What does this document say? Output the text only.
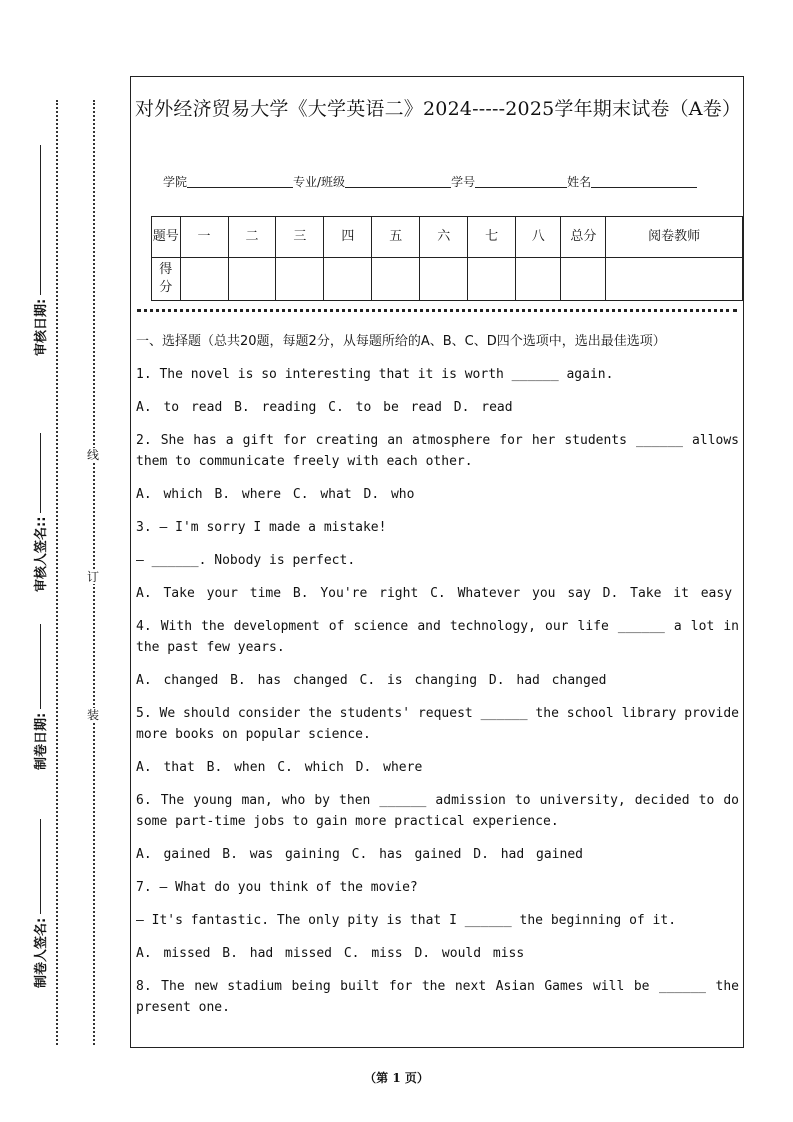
线
订
装
审核日期:
审核人签名::
制卷日期:
制卷人签名:
对外经济贸易大学《大学英语二》2024-----2025学年期末试卷（A卷）
学院	专业/班级	学号	姓名
题号	一	二	三	四	五	六	七	八	总分	阅卷教师
得分										

一、选择题（总共20题，每题2分，从每题所给的A、B、C、D四个选项中，选出最佳选项）

1. The novel is so interesting that it is worth ______ again.

A. to read B. reading C. to be read D. read

2. She has a gift for creating an atmosphere for her students ______ allows them to communicate freely with each other.

A. which B. where C. what D. who

3. — I'm sorry I made a mistake!

— ______. Nobody is perfect.

A. Take your time B. You're right C. Whatever you say D. Take it easy

4. With the development of science and technology, our life ______ a lot in the past few years.

A. changed B. has changed C. is changing D. had changed

5. We should consider the students' request ______ the school library provide more books on popular science.

A. that B. when C. which D. where

6. The young man, who by then ______ admission to university, decided to do some part-time jobs to gain more practical experience.

A. gained B. was gaining C. has gained D. had gained

7. — What do you think of the movie?

— It's fantastic. The only pity is that I ______ the beginning of it.

A. missed B. had missed C. miss D. would miss

8. The new stadium being built for the next Asian Games will be ______ the present one.

（第 1 页）
